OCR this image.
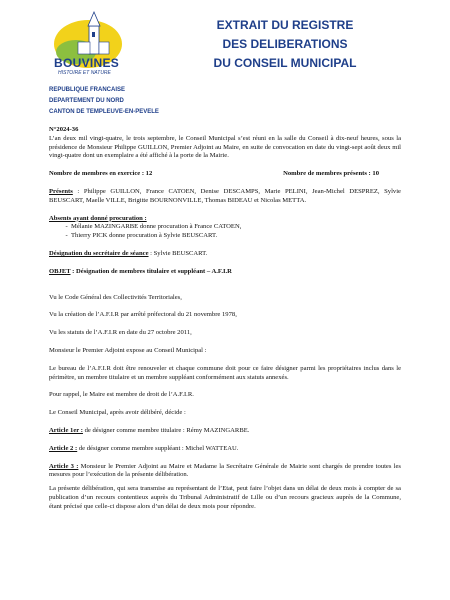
BOUVINES
HISTOIRE ET NATURE
EXTRAIT DU REGISTRE
DES DELIBERATIONS
DU CONSEIL MUNICIPAL
REPUBLIQUE FRANCAISE
DEPARTEMENT DU NORD
CANTON DE TEMPLEUVE-EN-PEVELE

N°2024-36

L’an deux mil vingt-quatre, le trois septembre, le Conseil Municipal s’est réuni en la salle du Conseil à dix-neuf heures, sous la présidence de Monsieur Philippe GUILLON, Premier Adjoint au Maire, en suite de convocation en date du vingt-sept août deux mil vingt-quatre dont un exemplaire a été affiché à la porte de la Mairie.

Nombre de membres en exercice : 12	Nombre de membres présents : 10

Présents : Philippe GUILLON, France CATOEN, Denise DESCAMPS, Marie PELINI, Jean-Michel DESPREZ, Sylvie BEUSCART, Maelle VILLE, Brigitte BOURNONVILLE, Thomas BIDEAU et Nicolas METTA.

Absents ayant donné procuration :

- Mélanie MAZINGARBE donne procuration à France CATOEN,
- Thierry PICK donne procuration à Sylvie BEUSCART.

Désignation du secrétaire de séance : Sylvie BEUSCART.

OBJET : Désignation de membres titulaire et suppléant – A.F.I.R

Vu le Code Général des Collectivités Territoriales,

Vu la création de l’A.F.I.R par arrêté préfectoral du 21 novembre 1978,

Vu les statuts de l’A.F.I.R en date du 27 octobre 2011,

Monsieur le Premier Adjoint expose au Conseil Municipal :

Le bureau de l’A.F.I.R doit être renouveler et chaque commune doit pour ce faire désigner parmi les propriétaires inclus dans le périmètre, un membre titulaire et un membre suppléant conformément aux statuts annexés.

Pour rappel, le Maire est membre de droit de l’A.F.I.R.

Le Conseil Municipal, après avoir délibéré, décide :

Article 1er : de désigner comme membre titulaire : Rémy MAZINGARBE.

Article 2 : de désigner comme membre suppléant : Michel WATTEAU.

Article 3 : Monsieur le Premier Adjoint au Maire et Madame la Secrétaire Générale de Mairie sont chargés de prendre toutes les mesures pour l’exécution de la présente délibération.

La présente délibération, qui sera transmise au représentant de l’Etat, peut faire l’objet dans un délai de deux mois à compter de sa publication d’un recours contentieux auprès du Tribunal Administratif de Lille ou d’un recours gracieux auprès de la Commune, étant précisé que celle-ci dispose alors d’un délai de deux mois pour répondre.
